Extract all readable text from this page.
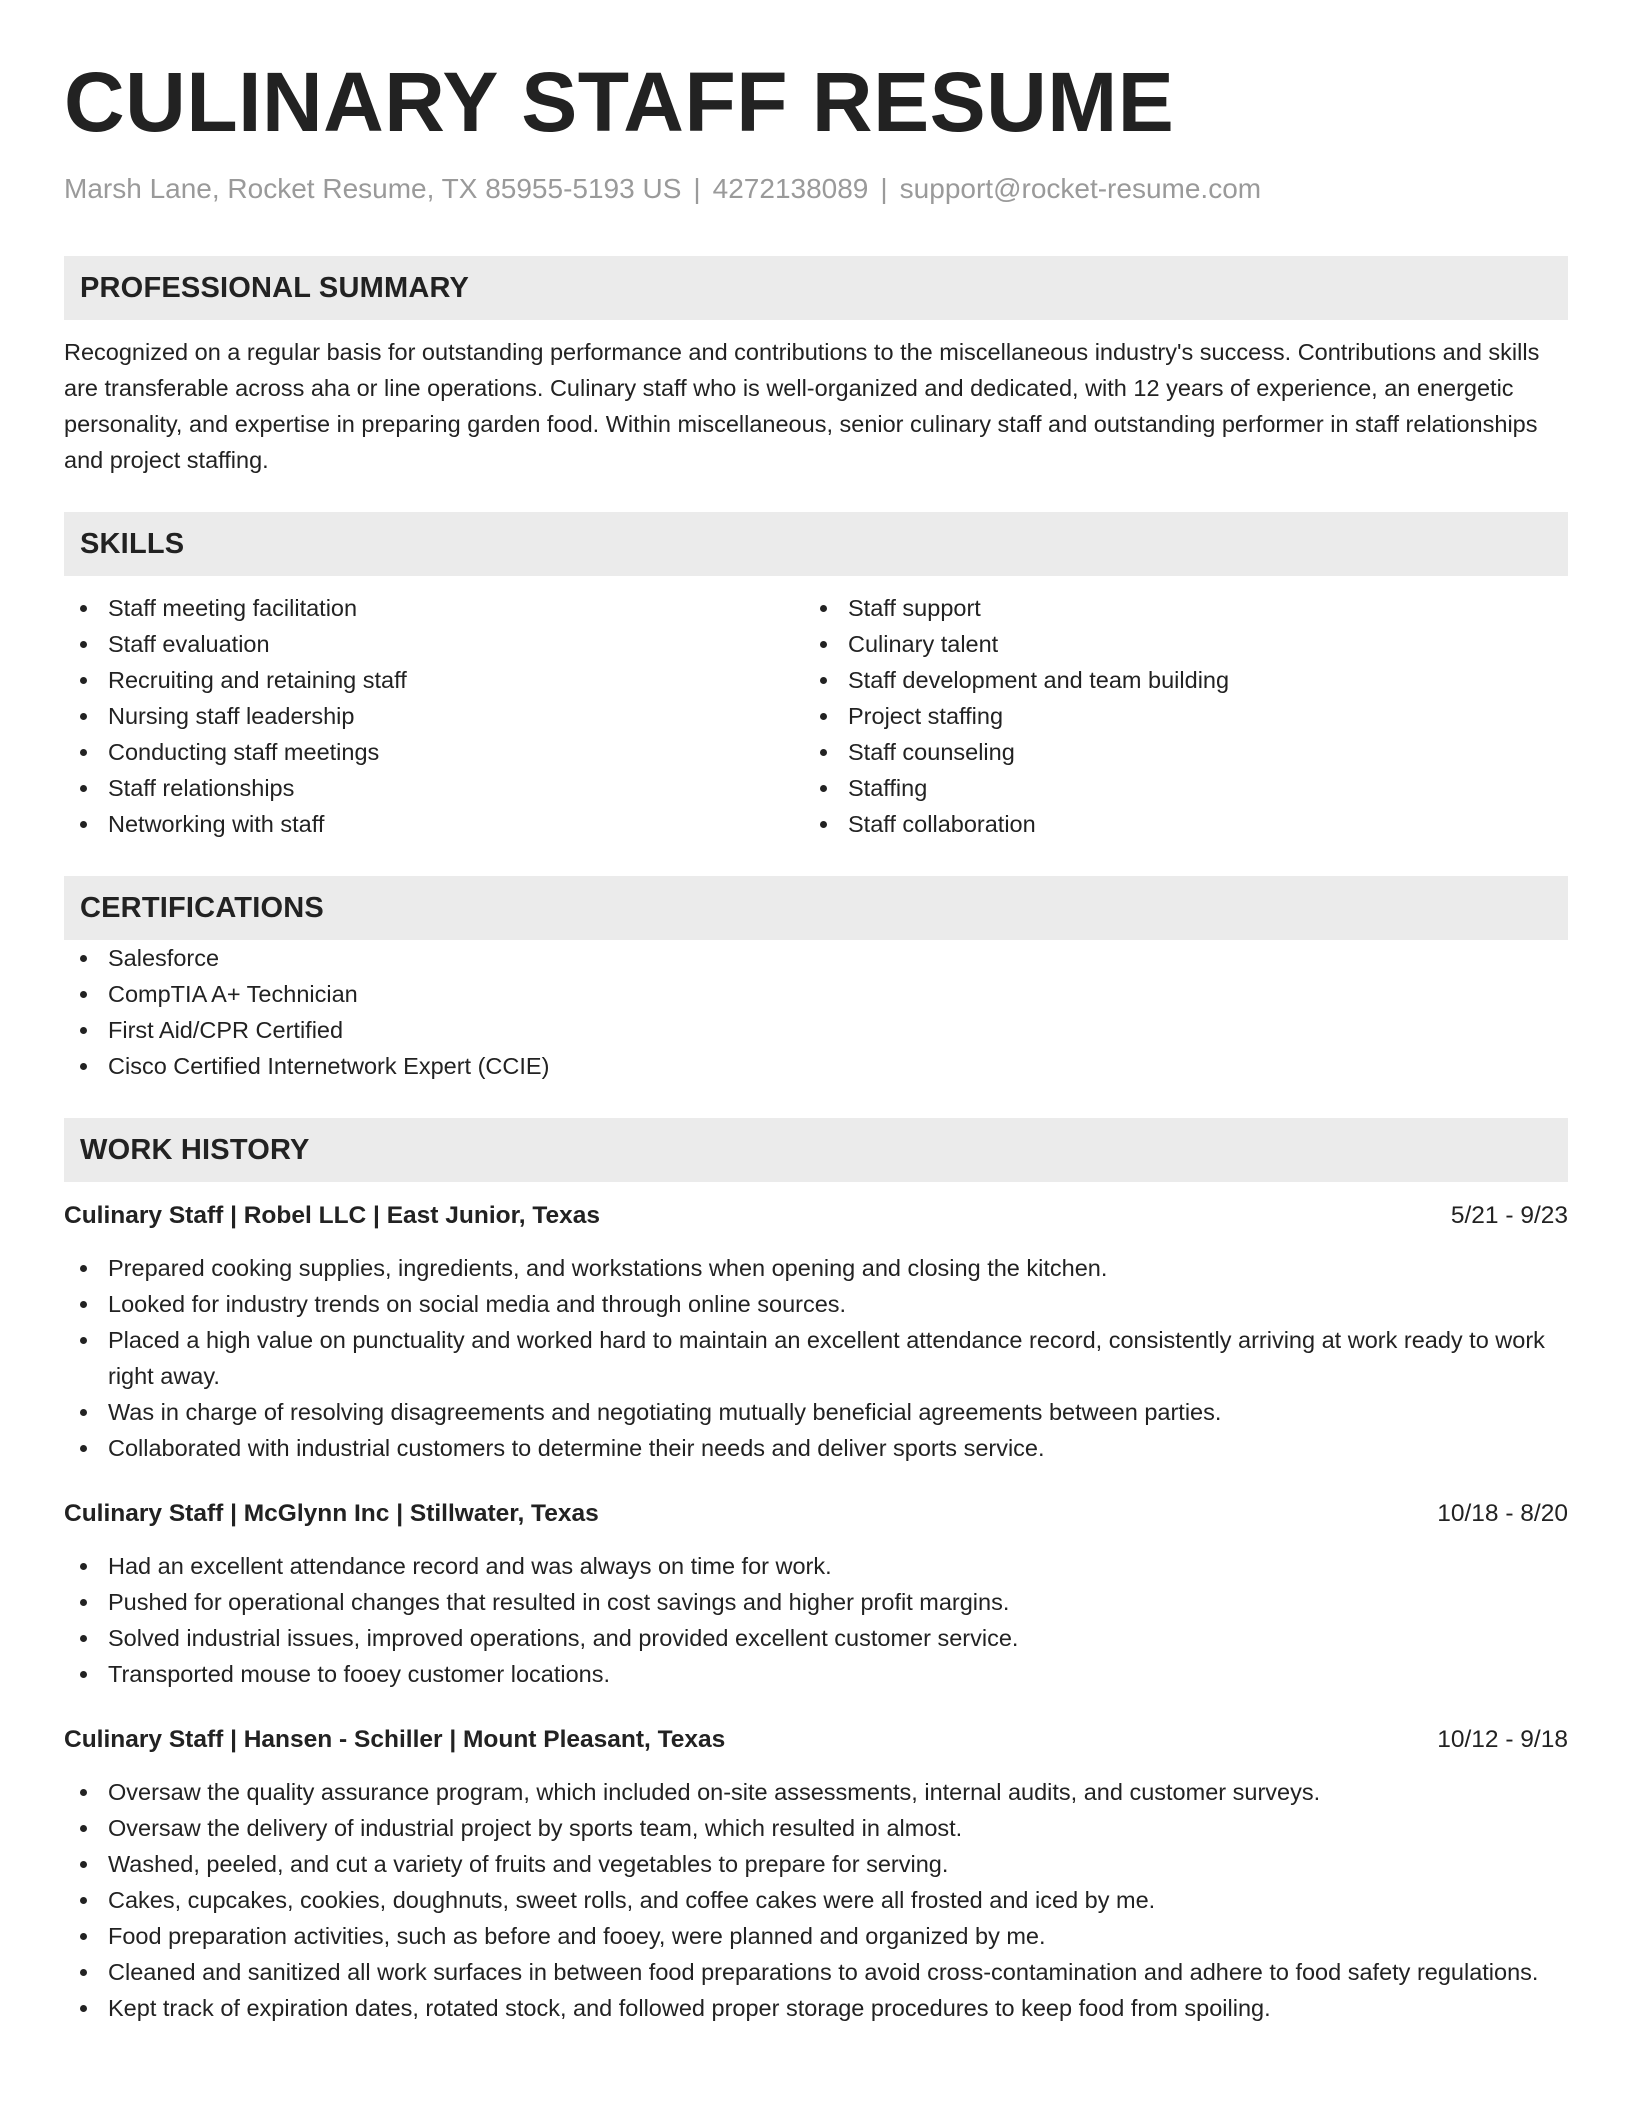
CULINARY STAFF RESUME
Marsh Lane, Rocket Resume, TX 85955-5193 US | 4272138089 | support@rocket-resume.com
PROFESSIONAL SUMMARY

Recognized on a regular basis for outstanding performance and contributions to the miscellaneous industry's success. Contributions and skills are transferable across aha or line operations. Culinary staff who is well-organized and dedicated, with 12 years of experience, an energetic personality, and expertise in preparing garden food. Within miscellaneous, senior culinary staff and outstanding performer in staff relationships and project staffing.

SKILLS
Staff meeting facilitation
Staff evaluation
Recruiting and retaining staff
Nursing staff leadership
Conducting staff meetings
Staff relationships
Networking with staff
Staff support
Culinary talent
Staff development and team building
Project staffing
Staff counseling
Staffing
Staff collaboration
CERTIFICATIONS
Salesforce
CompTIA A+ Technician
First Aid/CPR Certified
Cisco Certified Internetwork Expert (CCIE)
WORK HISTORY
Culinary Staff | Robel LLC | East Junior, Texas	5/21 - 9/23
Prepared cooking supplies, ingredients, and workstations when opening and closing the kitchen.
Looked for industry trends on social media and through online sources.
Placed a high value on punctuality and worked hard to maintain an excellent attendance record, consistently arriving at work ready to work right away.
Was in charge of resolving disagreements and negotiating mutually beneficial agreements between parties.
Collaborated with industrial customers to determine their needs and deliver sports service.
Culinary Staff | McGlynn Inc | Stillwater, Texas	10/18 - 8/20
Had an excellent attendance record and was always on time for work.
Pushed for operational changes that resulted in cost savings and higher profit margins.
Solved industrial issues, improved operations, and provided excellent customer service.
Transported mouse to fooey customer locations.
Culinary Staff | Hansen - Schiller | Mount Pleasant, Texas	10/12 - 9/18
Oversaw the quality assurance program, which included on-site assessments, internal audits, and customer surveys.
Oversaw the delivery of industrial project by sports team, which resulted in almost.
Washed, peeled, and cut a variety of fruits and vegetables to prepare for serving.
Cakes, cupcakes, cookies, doughnuts, sweet rolls, and coffee cakes were all frosted and iced by me.
Food preparation activities, such as before and fooey, were planned and organized by me.
Cleaned and sanitized all work surfaces in between food preparations to avoid cross-contamination and adhere to food safety regulations.
Kept track of expiration dates, rotated stock, and followed proper storage procedures to keep food from spoiling.
